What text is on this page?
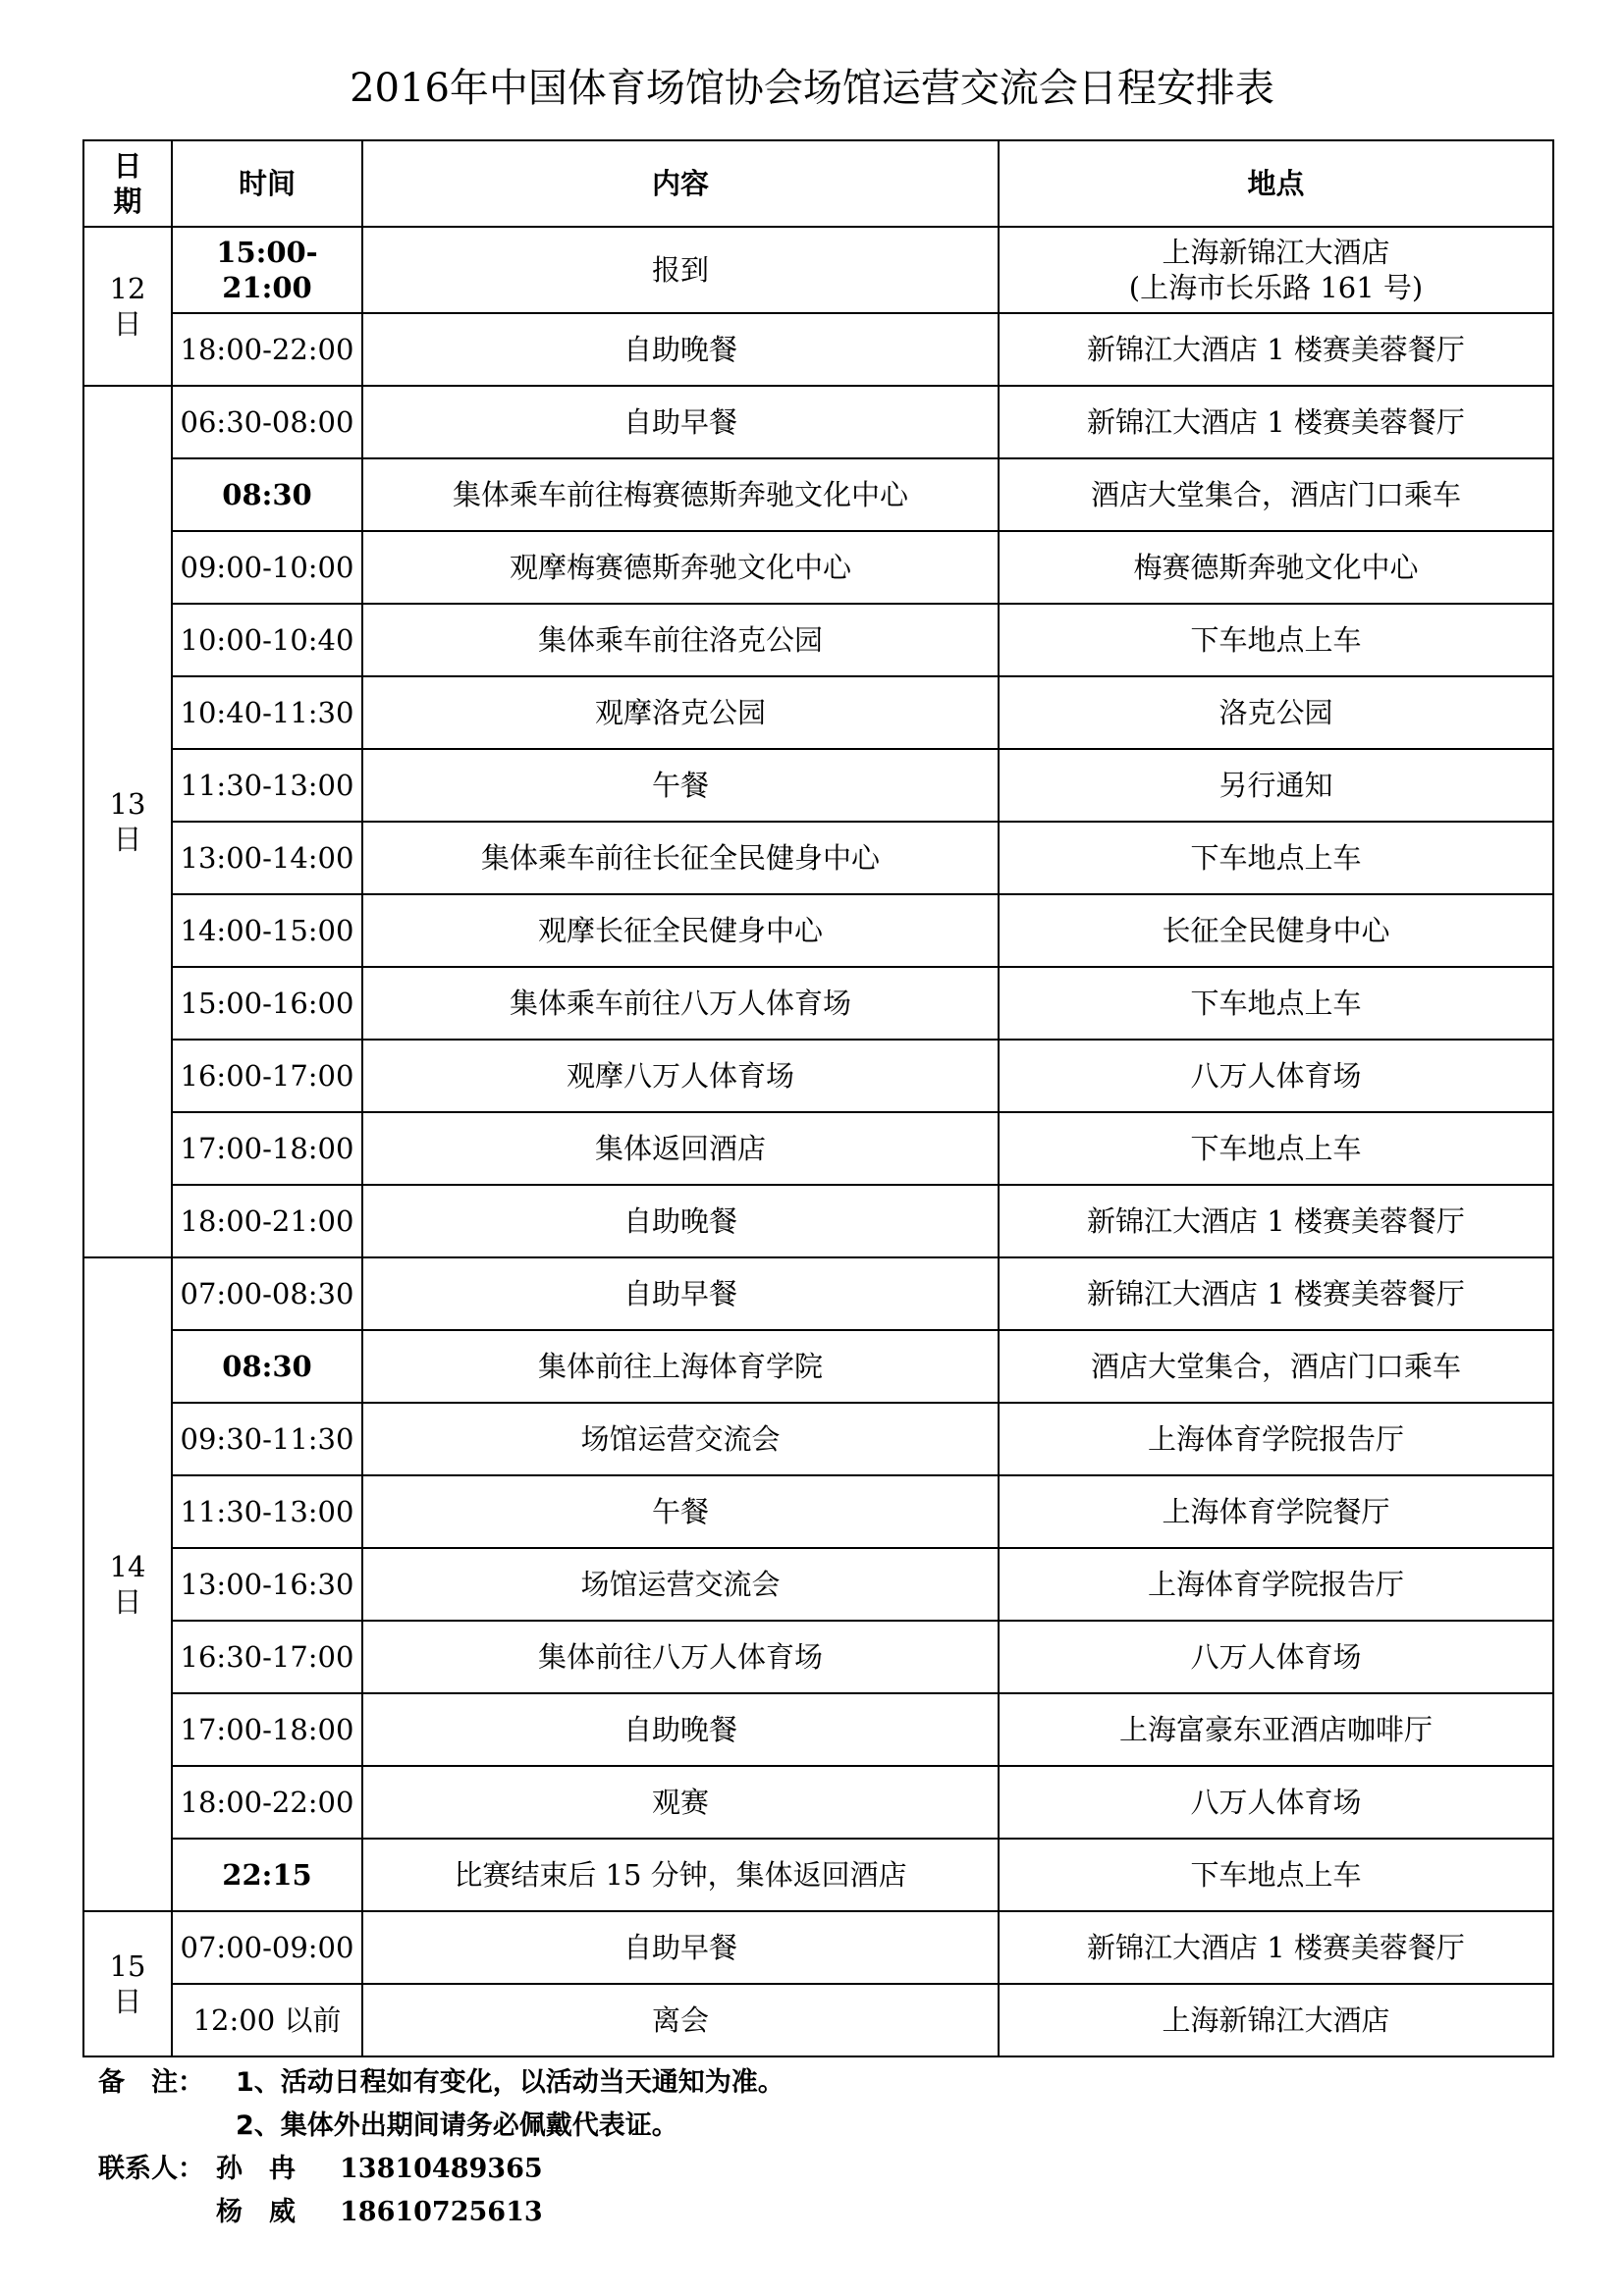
2016年中国体育场馆协会场馆运营交流会日程安排表
日
期	时间	内容	地点
12
日	15:00-21:00	报到	上海新锦江大酒店
(上海市长乐路 161 号)

	18:00-22:00	自助晚餐	新锦江大酒店 1 楼赛美蓉餐厅

13
日	06:30-08:00	自助早餐	新锦江大酒店 1 楼赛美蓉餐厅

	08:30	集体乘车前往梅赛德斯奔驰文化中心	酒店大堂集合，酒店门口乘车

	09:00-10:00	观摩梅赛德斯奔驰文化中心	梅赛德斯奔驰文化中心

	10:00-10:40	集体乘车前往洛克公园	下车地点上车

	10:40-11:30	观摩洛克公园	洛克公园

	11:30-13:00	午餐	另行通知

	13:00-14:00	集体乘车前往长征全民健身中心	下车地点上车

	14:00-15:00	观摩长征全民健身中心	长征全民健身中心

	15:00-16:00	集体乘车前往八万人体育场	下车地点上车

	16:00-17:00	观摩八万人体育场	八万人体育场

	17:00-18:00	集体返回酒店	下车地点上车

	18:00-21:00	自助晚餐	新锦江大酒店 1 楼赛美蓉餐厅

14
日	07:00-08:30	自助早餐	新锦江大酒店 1 楼赛美蓉餐厅

	08:30	集体前往上海体育学院	酒店大堂集合，酒店门口乘车

	09:30-11:30	场馆运营交流会	上海体育学院报告厅

	11:30-13:00	午餐	上海体育学院餐厅

	13:00-16:30	场馆运营交流会	上海体育学院报告厅

	16:30-17:00	集体前往八万人体育场	八万人体育场

	17:00-18:00	自助晚餐	上海富豪东亚酒店咖啡厅

	18:00-22:00	观赛	八万人体育场

	22:15	比赛结束后 15 分钟，集体返回酒店	下车地点上车

15
日	07:00-09:00	自助早餐	新锦江大酒店 1 楼赛美蓉餐厅

	12:00 以前	离会	上海新锦江大酒店
备　注： 1、活动日程如有变化，以活动当天通知为准。
2、集体外出期间请务必佩戴代表证。
联系人： 孙　冉 13810489365
杨　威 18610725613
